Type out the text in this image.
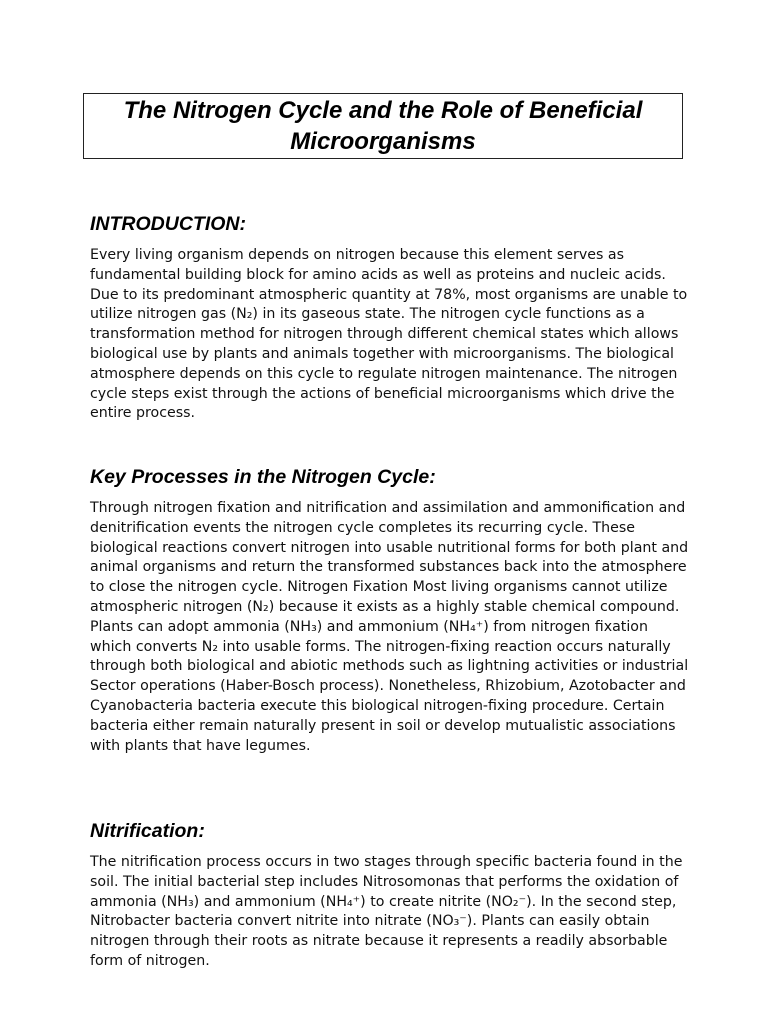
The Nitrogen Cycle and the Role of Beneficial Microorganisms
INTRODUCTION:

Every living organism depends on nitrogen because this element serves as fundamental building block for amino acids as well as proteins and nucleic acids. Due to its predominant atmospheric quantity at 78%, most organisms are unable to utilize nitrogen gas (N₂) in its gaseous state. The nitrogen cycle functions as a transformation method for nitrogen through different chemical states which allows biological use by plants and animals together with microorganisms. The biological atmosphere depends on this cycle to regulate nitrogen maintenance. The nitrogen cycle steps exist through the actions of beneficial microorganisms which drive the entire process.

Key Processes in the Nitrogen Cycle:

Through nitrogen fixation and nitrification and assimilation and ammonification and denitrification events the nitrogen cycle completes its recurring cycle. These biological reactions convert nitrogen into usable nutritional forms for both plant and animal organisms and return the transformed substances back into the atmosphere to close the nitrogen cycle. Nitrogen Fixation Most living organisms cannot utilize atmospheric nitrogen (N₂) because it exists as a highly stable chemical compound. Plants can adopt ammonia (NH₃) and ammonium (NH₄⁺) from nitrogen fixation which converts N₂ into usable forms. The nitrogen-fixing reaction occurs naturally through both biological and abiotic methods such as lightning activities or industrial Sector operations (Haber-Bosch process). Nonetheless, Rhizobium, Azotobacter and Cyanobacteria bacteria execute this biological nitrogen-fixing procedure. Certain bacteria either remain naturally present in soil or develop mutualistic associations with plants that have legumes.

Nitrification:

The nitrification process occurs in two stages through specific bacteria found in the soil. The initial bacterial step includes Nitrosomonas that performs the oxidation of ammonia (NH₃) and ammonium (NH₄⁺) to create nitrite (NO₂⁻). In the second step, Nitrobacter bacteria convert nitrite into nitrate (NO₃⁻). Plants can easily obtain nitrogen through their roots as nitrate because it represents a readily absorbable form of nitrogen.
